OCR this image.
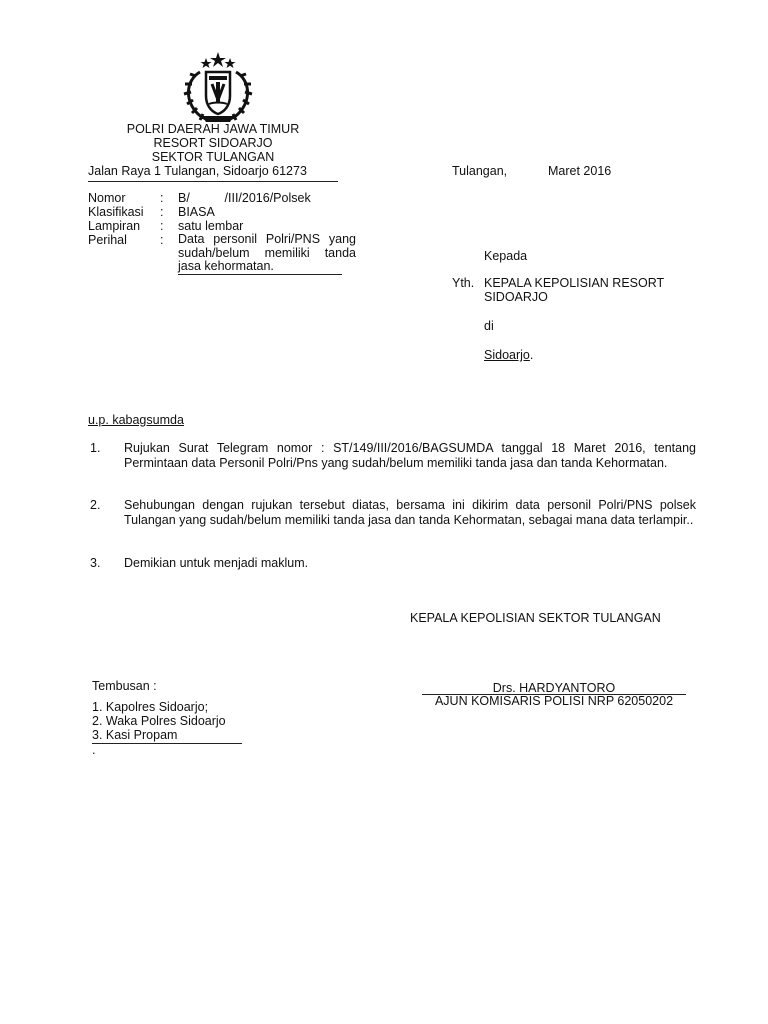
POLRI DAERAH JAWA TIMUR
RESORT SIDOARJO
SEKTOR TULANGAN
Jalan Raya 1 Tulangan, Sidoarjo 61273	Tulangan,	Maret 2016
Nomor	: B/          /III/2016/Polsek
Klasifikasi : BIASA
Lampiran : satu lembar
Perihal	: Data personil Polri/PNS yang sudah/belum memiliki tanda jasa kehormatan.
Kepada
Yth. KEPALA KEPOLISIAN RESORT
SIDOARJO
di
Sidoarjo.
u.p. kabagsumda
1. Rujukan Surat Telegram nomor : ST/149/III/2016/BAGSUMDA tanggal 18 Maret 2016, tentang Permintaan data Personil Polri/Pns yang sudah/belum memiliki tanda jasa dan tanda Kehormatan.
2. Sehubungan dengan rujukan tersebut diatas, bersama ini dikirim data personil Polri/PNS polsek Tulangan yang sudah/belum memiliki tanda jasa dan tanda Kehormatan, sebagai mana data terlampir..
3. Demikian untuk menjadi maklum.
KEPALA KEPOLISIAN SEKTOR TULANGAN
Drs. HARDYANTORO
AJUN KOMISARIS POLISI NRP 62050202
Tembusan :
1. Kapolres Sidoarjo;
2. Waka Polres Sidoarjo
3. Kasi Propam
.
